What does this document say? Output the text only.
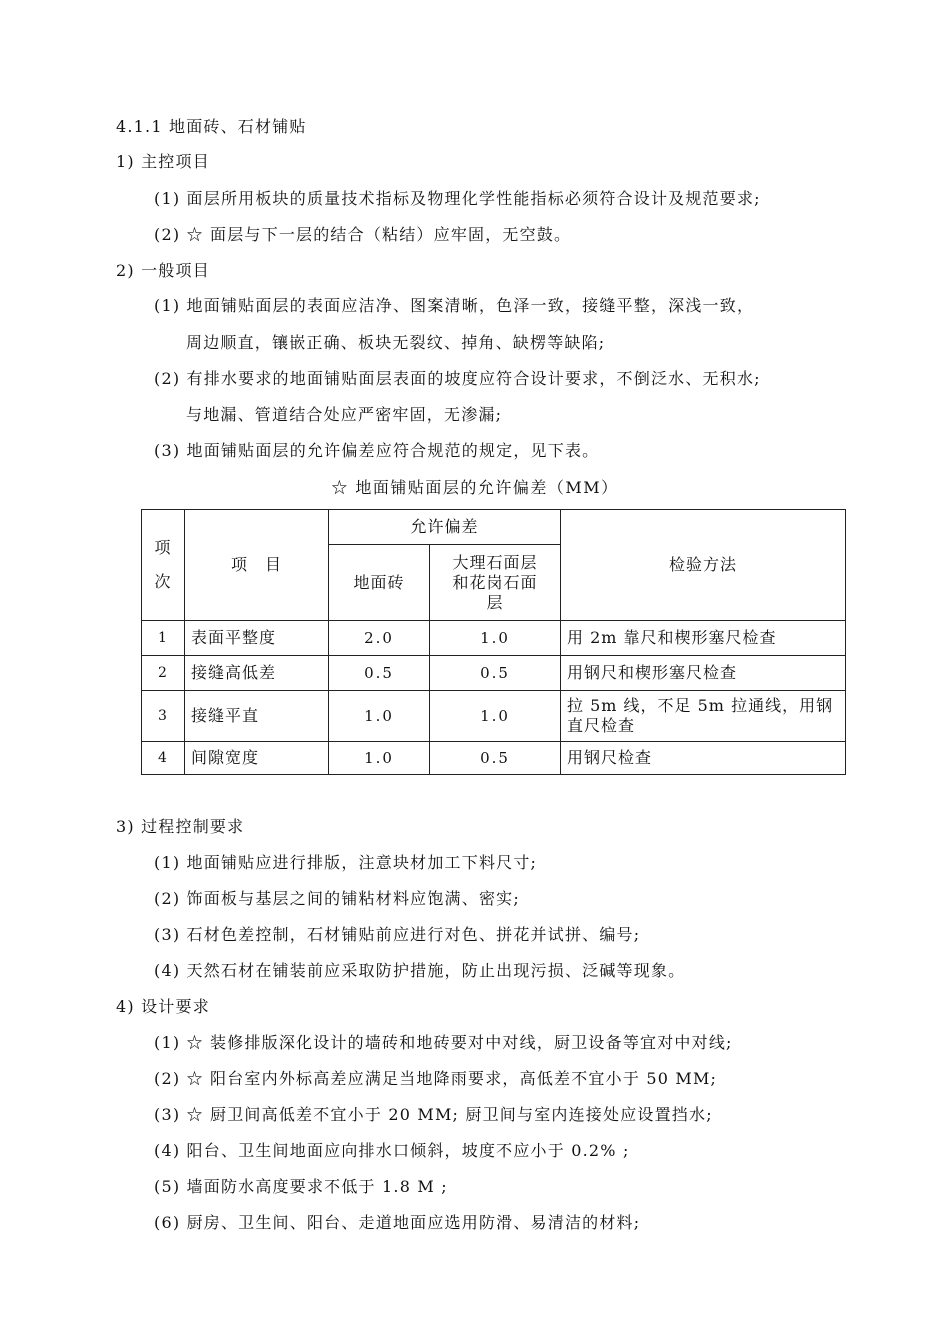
4.1.1 地面砖、石材铺贴
1) 主控项目
(1) 面层所用板块的质量技术指标及物理化学性能指标必须符合设计及规范要求;
(2) ☆ 面层与下一层的结合（粘结）应牢固，无空鼓。
2) 一般项目
(1) 地面铺贴面层的表面应洁净、图案清晰，色泽一致，接缝平整，深浅一致，
周边顺直，镶嵌正确、板块无裂纹、掉角、缺楞等缺陷;
(2) 有排水要求的地面铺贴面层表面的坡度应符合设计要求，不倒泛水、无积水;
与地漏、管道结合处应严密牢固，无渗漏;
(3) 地面铺贴面层的允许偏差应符合规范的规定，见下表。
☆ 地面铺贴面层的允许偏差（MM）
项
次	项　目	允许偏差		检验方法
		地面砖	大理石面层
和花岗石面
层	
1	表面平整度	2.0	1.0	用 2m 靠尺和楔形塞尺检查
2	接缝高低差	0.5	0.5	用钢尺和楔形塞尺检查
3	接缝平直	1.0	1.0	拉 5m 线，不足 5m 拉通线，用钢
直尺检查
4	间隙宽度	1.0	0.5	用钢尺检查
3) 过程控制要求
(1) 地面铺贴应进行排版，注意块材加工下料尺寸;
(2) 饰面板与基层之间的铺粘材料应饱满、密实;
(3) 石材色差控制，石材铺贴前应进行对色、拼花并试拼、编号;
(4) 天然石材在铺装前应采取防护措施，防止出现污损、泛碱等现象。
4) 设计要求
(1) ☆ 装修排版深化设计的墙砖和地砖要对中对线，厨卫设备等宜对中对线;
(2) ☆ 阳台室内外标高差应满足当地降雨要求，高低差不宜小于 50 MM;
(3) ☆ 厨卫间高低差不宜小于 20 MM; 厨卫间与室内连接处应设置挡水;
(4) 阳台、卫生间地面应向排水口倾斜，坡度不应小于 0.2% ;
(5) 墙面防水高度要求不低于 1.8 M ;
(6) 厨房、卫生间、阳台、走道地面应选用防滑、易清洁的材料;
